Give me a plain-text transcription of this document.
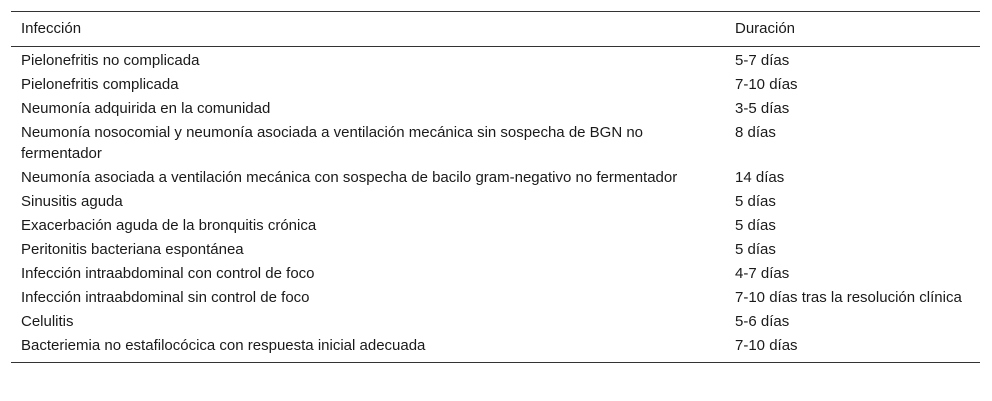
Infección	Duración
Pielonefritis no complicada	5-7 días
Pielonefritis complicada	7-10 días
Neumonía adquirida en la comunidad	3-5 días
Neumonía nosocomial y neumonía asociada a ventilación mecánica sin sospecha de BGN no fermentador	8 días
Neumonía asociada a ventilación mecánica con sospecha de bacilo gram-negativo no fermentador	14 días
Sinusitis aguda	5 días
Exacerbación aguda de la bronquitis crónica	5 días
Peritonitis bacteriana espontánea	5 días
Infección intraabdominal con control de foco	4-7 días
Infección intraabdominal sin control de foco	7-10 días tras la resolución clínica
Celulitis	5-6 días
Bacteriemia no estafilocócica con respuesta inicial adecuada	7-10 días
